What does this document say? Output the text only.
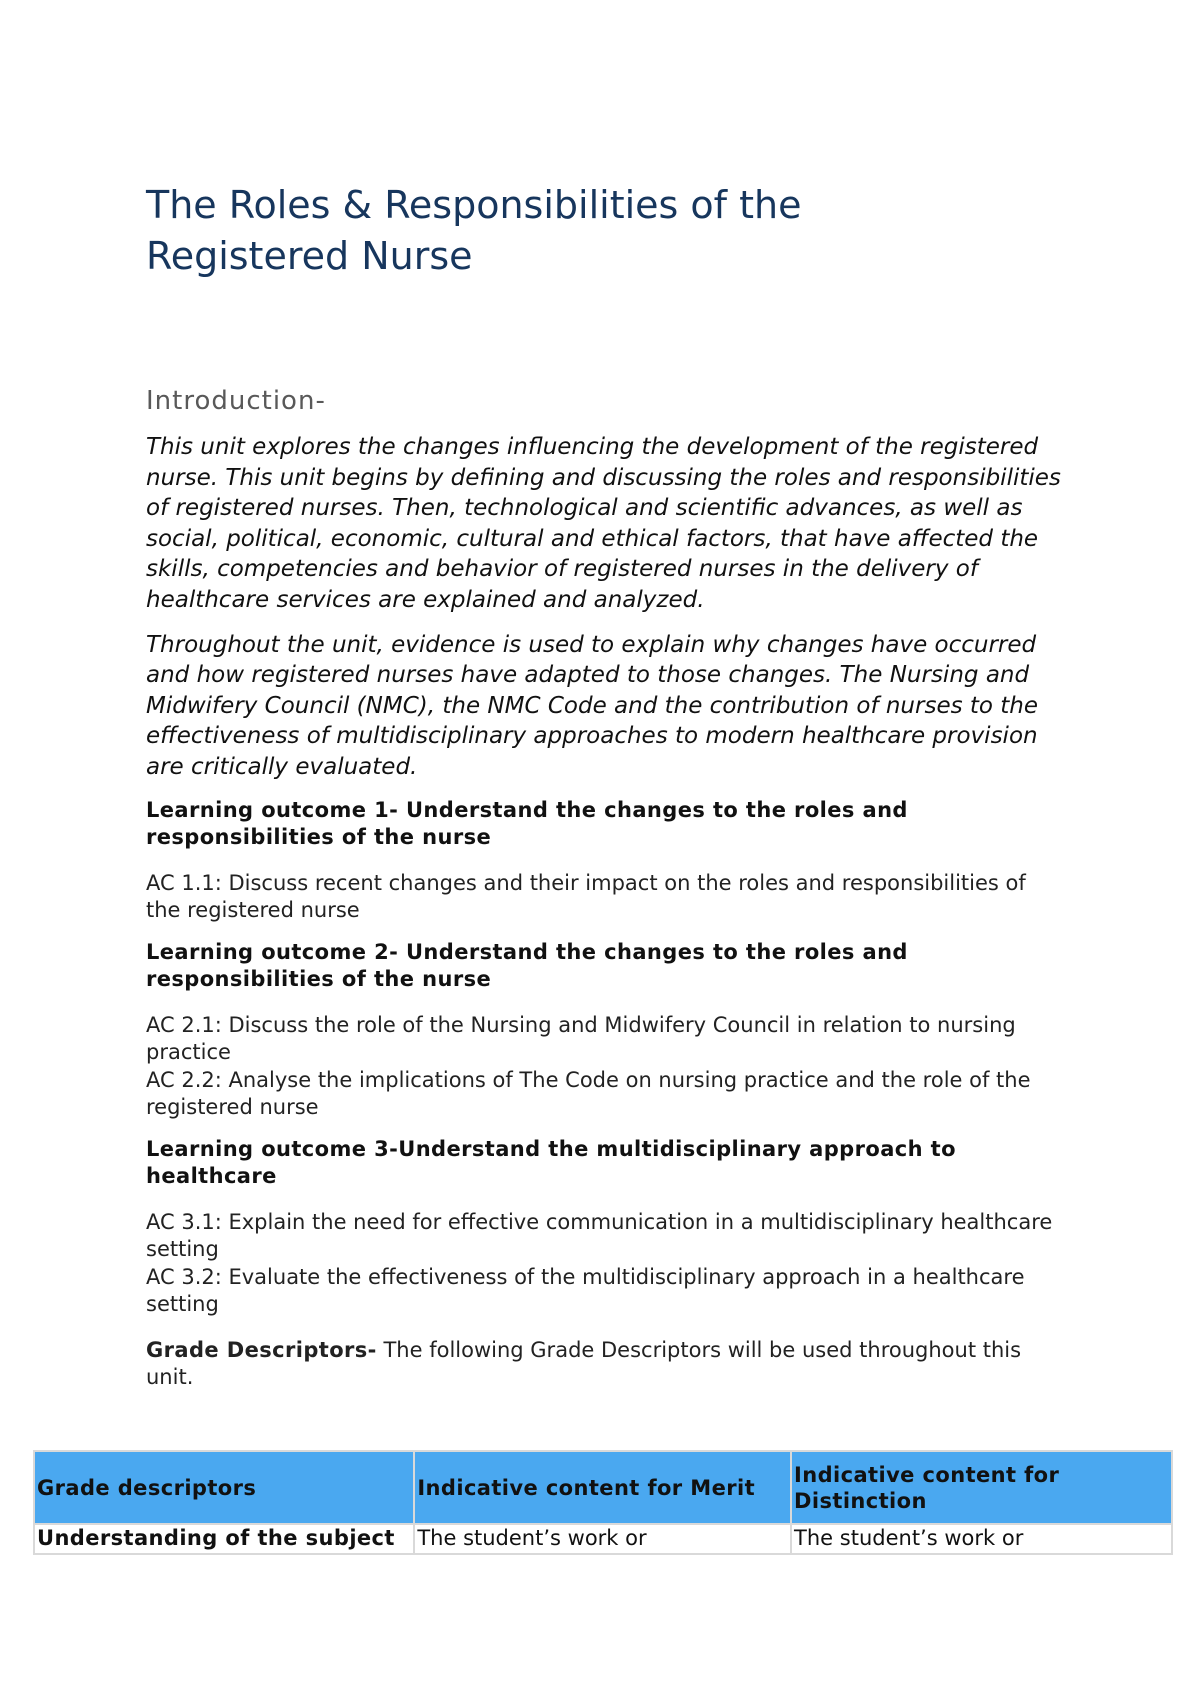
The Roles & Responsibilities of the Registered Nurse
Introduction-

This unit explores the changes influencing the development of the registered nurse. This unit begins by defining and discussing the roles and responsibilities of registered nurses. Then, technological and scientific advances, as well as social, political, economic, cultural and ethical factors, that have affected the skills, competencies and behavior of registered nurses in the delivery of healthcare services are explained and analyzed.

Throughout the unit, evidence is used to explain why changes have occurred and how registered nurses have adapted to those changes. The Nursing and Midwifery Council (NMC), the NMC Code and the contribution of nurses to the effectiveness of multidisciplinary approaches to modern healthcare provision are critically evaluated.

Learning outcome 1- Understand the changes to the roles and responsibilities of the nurse

AC 1.1: Discuss recent changes and their impact on the roles and responsibilities of the registered nurse

Learning outcome 2- Understand the changes to the roles and responsibilities of the nurse

AC 2.1: Discuss the role of the Nursing and Midwifery Council in relation to nursing practice
AC 2.2: Analyse the implications of The Code on nursing practice and the role of the registered nurse

Learning outcome 3-Understand the multidisciplinary approach to healthcare

AC 3.1: Explain the need for effective communication in a multidisciplinary healthcare setting
AC 3.2: Evaluate the effectiveness of the multidisciplinary approach in a healthcare setting

Grade Descriptors- The following Grade Descriptors will be used throughout this unit.

Grade descriptors	Indicative content for Merit	Indicative content for Distinction
Understanding of the subject	The student’s work or	The student’s work or
